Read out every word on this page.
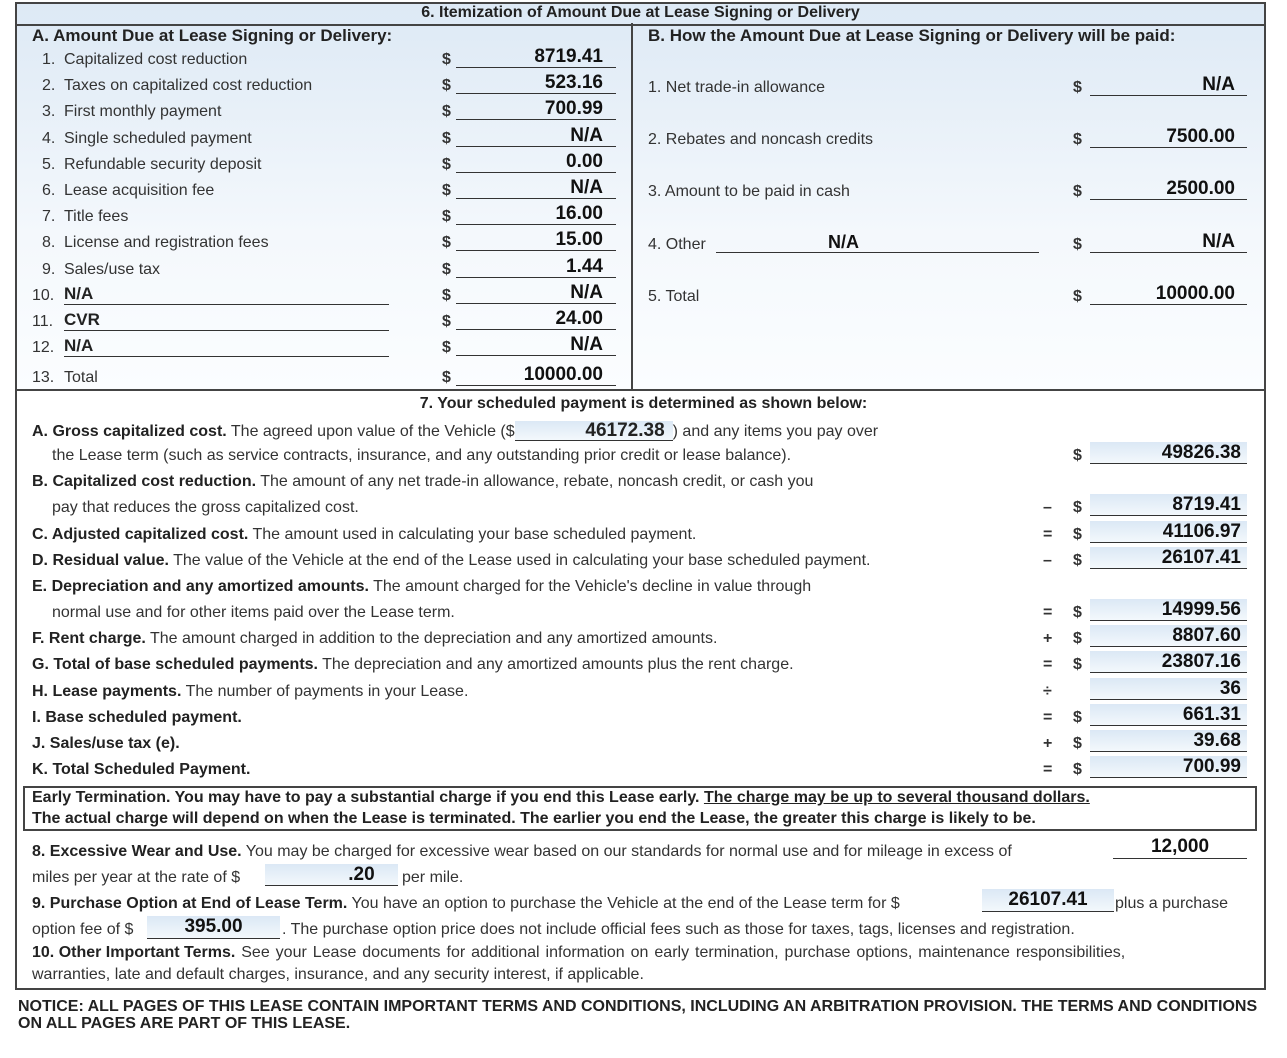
6. Itemization of Amount Due at Lease Signing or Delivery
A. Amount Due at Lease Signing or Delivery:	B. How the Amount Due at Lease Signing or Delivery will be paid:
1. Capitalized cost reduction	$	8719.41
2. Taxes on capitalized cost reduction	$	523.16
3. First monthly payment	$	700.99
4. Single scheduled payment	$	N/A
5. Refundable security deposit	$	0.00
6. Lease acquisition fee	$	N/A
7. Title fees	$	16.00
8. License and registration fees	$	15.00
9. Sales/use tax	$	1.44
10. N/A	$	N/A
11. CVR	$	24.00
12. N/A	$	N/A
13. Total	$	10000.00
1. Net trade-in allowance	$	N/A
2. Rebates and noncash credits	$	7500.00
3. Amount to be paid in cash	$	2500.00
4. Other	N/A	$	N/A
5. Total	$	10000.00
7. Your scheduled payment is determined as shown below:
A. Gross capitalized cost. The agreed upon value of the Vehicle ($	46172.38 ) and any items you pay over
the Lease term (such as service contracts, insurance, and any outstanding prior credit or lease balance).	$	49826.38
B. Capitalized cost reduction. The amount of any net trade-in allowance, rebate, noncash credit, or cash you
pay that reduces the gross capitalized cost.	– $	8719.41
C. Adjusted capitalized cost. The amount used in calculating your base scheduled payment.	= $	41106.97
D. Residual value. The value of the Vehicle at the end of the Lease used in calculating your base scheduled payment.	– $	26107.41
E. Depreciation and any amortized amounts. The amount charged for the Vehicle's decline in value through
normal use and for other items paid over the Lease term.	= $	14999.56
F. Rent charge. The amount charged in addition to the depreciation and any amortized amounts.	+ $	8807.60
G. Total of base scheduled payments. The depreciation and any amortized amounts plus the rent charge.	= $	23807.16
H. Lease payments. The number of payments in your Lease.	÷	36
I. Base scheduled payment.	= $	661.31
J. Sales/use tax (e).	+ $	39.68
K. Total Scheduled Payment.	= $	700.99
Early Termination. You may have to pay a substantial charge if you end this Lease early. The charge may be up to several thousand dollars.
The actual charge will depend on when the Lease is terminated. The earlier you end the Lease, the greater this charge is likely to be.
8. Excessive Wear and Use. You may be charged for excessive wear based on our standards for normal use and for mileage in excess of	12,000
miles per year at the rate of $	.20	per mile.
9. Purchase Option at End of Lease Term. You have an option to purchase the Vehicle at the end of the Lease term for $	26107.41	plus a purchase
option fee of $	395.00	. The purchase option price does not include official fees such as those for taxes, tags, licenses and registration.
10. Other Important Terms. See your Lease documents for additional information on early termination, purchase options, maintenance responsibilities,
warranties, late and default charges, insurance, and any security interest, if applicable.
NOTICE: ALL PAGES OF THIS LEASE CONTAIN IMPORTANT TERMS AND CONDITIONS, INCLUDING AN ARBITRATION PROVISION. THE TERMS AND CONDITIONS ON ALL PAGES ARE PART OF THIS LEASE.
